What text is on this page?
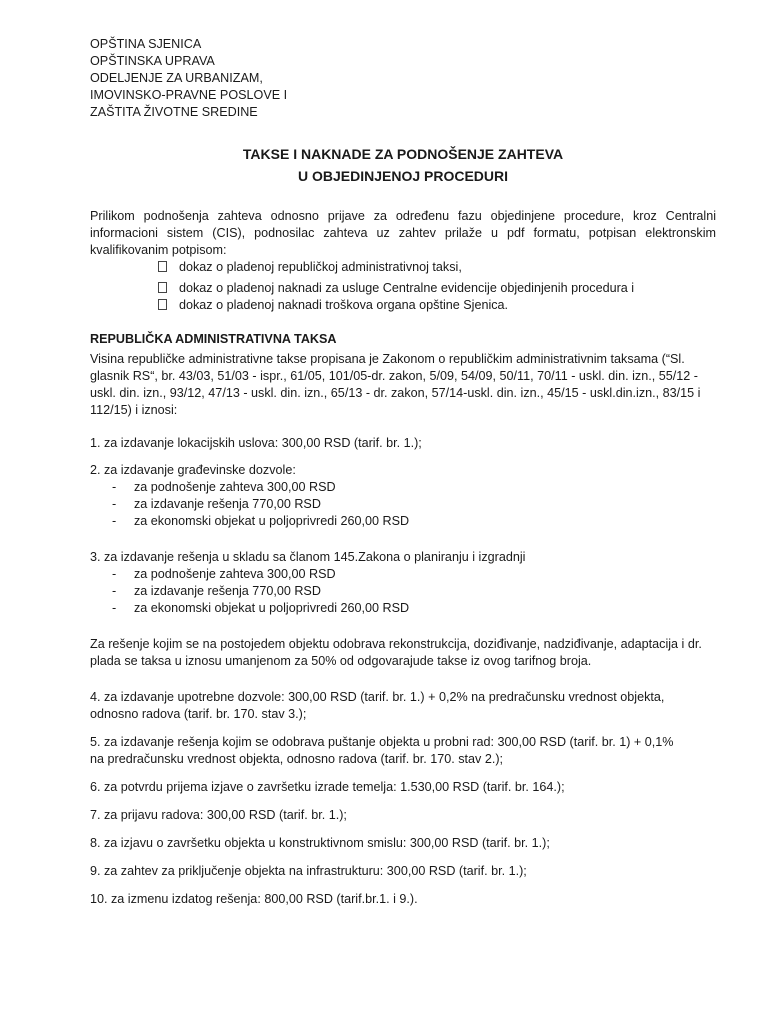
OPŠTINA SJENICA
OPŠTINSKA UPRAVA
ODELJENJE ZA URBANIZAM,
IMOVINSKO-PRAVNE POSLOVE I
ZAŠTITA ŽIVOTNE SREDINE
TAKSE I NAKNADE ZA PODNOŠENJE ZAHTEVA
U OBJEDINJENOJ PROCEDURI
Prilikom podnošenja zahteva odnosno prijave za određenu fazu objedinjene procedure, kroz Centralni informacioni sistem (CIS), podnosilac zahteva uz zahtev prilaže u pdf formatu, potpisan elektronskim kvalifikovanim potpisom:
dokaz o pladenoj republičkoj administrativnoj taksi,
dokaz o pladenoj naknadi za usluge Centralne evidencije objedinjenih procedura i
dokaz o pladenoj naknadi troškova organa opštine Sjenica.
REPUBLIČKA ADMINISTRATIVNA TAKSA
Visina republičke administrativne takse propisana je Zakonom o republičkim administrativnim taksama (“Sl. glasnik RS“, br. 43/03, 51/03 - ispr., 61/05, 101/05-dr. zakon, 5/09, 54/09, 50/11, 70/11 - uskl. din. izn., 55/12 - uskl. din. izn., 93/12, 47/13 - uskl. din. izn., 65/13 - dr. zakon, 57/14-uskl. din. izn., 45/15 - uskl.din.izn., 83/15 i 112/15) i iznosi:
1. za izdavanje lokacijskih uslova: 300,00 RSD (tarif. br. 1.);
2. za izdavanje građevinske dozvole:
-	za podnošenje zahteva 300,00 RSD
-	za izdavanje rešenja 770,00 RSD
-	za ekonomski objekat u poljoprivredi 260,00 RSD
3. za izdavanje rešenja u skladu sa članom 145.Zakona o planiranju i izgradnji
-	za podnošenje zahteva 300,00 RSD
-	za izdavanje rešenja 770,00 RSD
-	za ekonomski objekat u poljoprivredi 260,00 RSD
Za rešenje kojim se na postojedem objektu odobrava rekonstrukcija, doziđivanje, nadziđivanje, adaptacija i dr. plada se taksa u iznosu umanjenom za 50% od odgovarajude takse iz ovog tarifnog broja.
4. za izdavanje upotrebne dozvole: 300,00 RSD (tarif. br. 1.) + 0,2% na predračunsku vrednost objekta, odnosno radova (tarif. br. 170. stav 3.);
5. za izdavanje rešenja kojim se odobrava puštanje objekta u probni rad: 300,00 RSD (tarif. br. 1) + 0,1%
na predračunsku vrednost objekta, odnosno radova (tarif. br. 170. stav 2.);
6. za potvrdu prijema izjave o završetku izrade temelja: 1.530,00 RSD (tarif. br. 164.);
7. za prijavu radova: 300,00 RSD (tarif. br. 1.);
8. za izjavu o završetku objekta u konstruktivnom smislu: 300,00 RSD (tarif. br. 1.);
9. za zahtev za priključenje objekta na infrastrukturu: 300,00 RSD (tarif. br. 1.);
10. za izmenu izdatog rešenja: 800,00 RSD (tarif.br.1. i 9.).
